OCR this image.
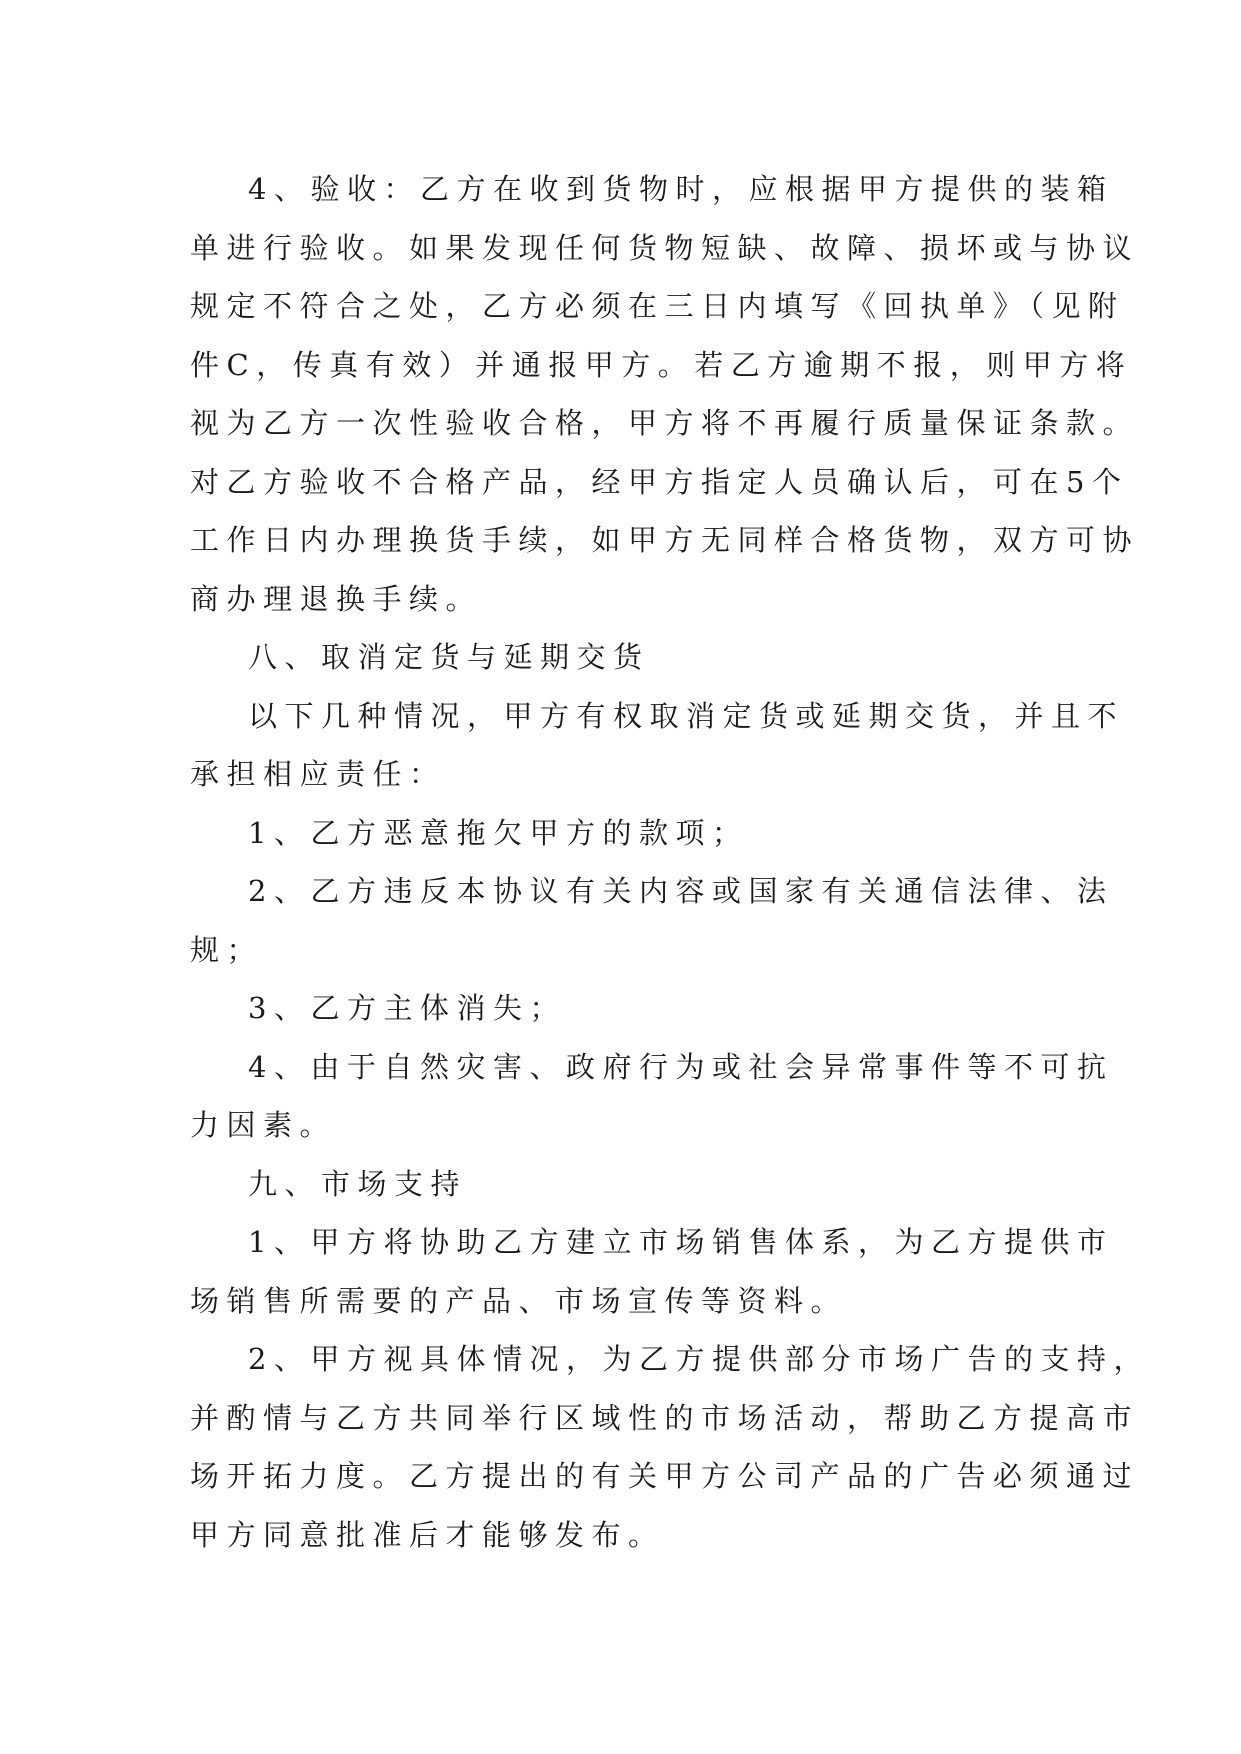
4、验收：乙方在收到货物时，应根据甲方提供的装箱
单进行验收。如果发现任何货物短缺、故障、损坏或与协议
规定不符合之处，乙方必须在三日内填写《回执单》（见附
件C，传真有效）并通报甲方。若乙方逾期不报，则甲方将
视为乙方一次性验收合格，甲方将不再履行质量保证条款。
对乙方验收不合格产品，经甲方指定人员确认后，可在5个
工作日内办理换货手续，如甲方无同样合格货物，双方可协
商办理退换手续。
八、取消定货与延期交货
以下几种情况，甲方有权取消定货或延期交货，并且不
承担相应责任：
1、乙方恶意拖欠甲方的款项；
2、乙方违反本协议有关内容或国家有关通信法律、法
规；
3、乙方主体消失；
4、由于自然灾害、政府行为或社会异常事件等不可抗
力因素。
九、市场支持
1、甲方将协助乙方建立市场销售体系，为乙方提供市
场销售所需要的产品、市场宣传等资料。
2、甲方视具体情况，为乙方提供部分市场广告的支持，
并酌情与乙方共同举行区域性的市场活动，帮助乙方提高市
场开拓力度。乙方提出的有关甲方公司产品的广告必须通过
甲方同意批准后才能够发布。
